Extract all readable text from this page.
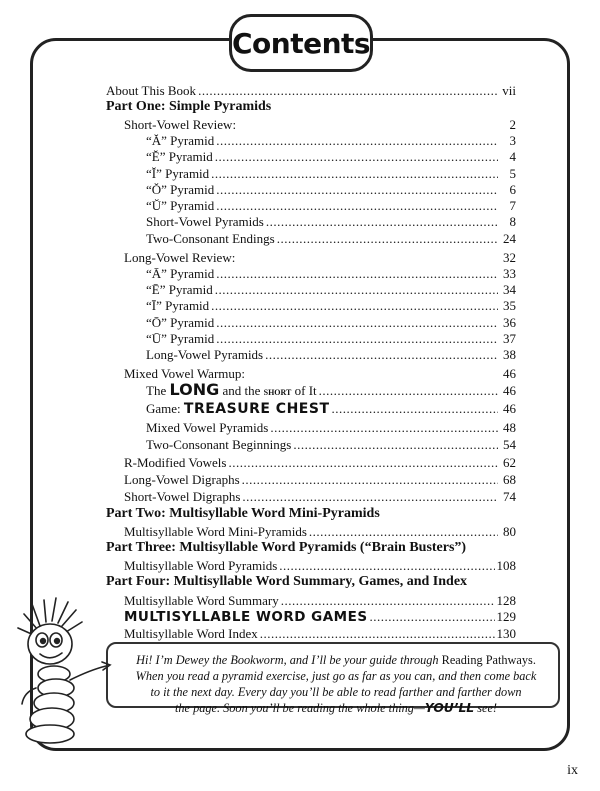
Contents
About This Book .....	vii
Part One: Simple Pyramids
Short-Vowel Review:	2
“Ă” Pyramid .....	3
“Ĕ” Pyramid .....	4
“Ĭ” Pyramid .....	5
“Ŏ” Pyramid .....	6
“Ŭ” Pyramid .....	7
Short-Vowel Pyramids .....	8
Two-Consonant Endings .....	24
Long-Vowel Review:	32
“Ā” Pyramid .....	33
“Ē” Pyramid .....	34
“Ī” Pyramid .....	35
“Ō” Pyramid .....	36
“Ū” Pyramid .....	37
Long-Vowel Pyramids .....	38
Mixed Vowel Warmup:	46
The LONG and the short of It .....	46
Game: TREASURE CHEST .....	46
Mixed Vowel Pyramids .....	48
Two-Consonant Beginnings .....	54
R-Modified Vowels .....	62
Long-Vowel Digraphs .....	68
Short-Vowel Digraphs .....	74
Part Two: Multisyllable Word Mini-Pyramids
Multisyllable Word Mini-Pyramids .....	80
Part Three: Multisyllable Word Pyramids (“Brain Busters”)
Multisyllable Word Pyramids .....	108
Part Four: Multisyllable Word Summary, Games, and Index
Multisyllable Word Summary .....	128
MULTISYLLABLE WORD GAMES .....	129
Multisyllable Word Index .....	130
Hi! I’m Dewey the Bookworm, and I’ll be your guide through Reading Pathways.
When you read a pyramid exercise, just go as far as you can, and then come back
to it the next day. Every day you’ll be able to read farther and farther down
the page. Soon you’ll be reading the whole thing—YOU’LL see!
ix
